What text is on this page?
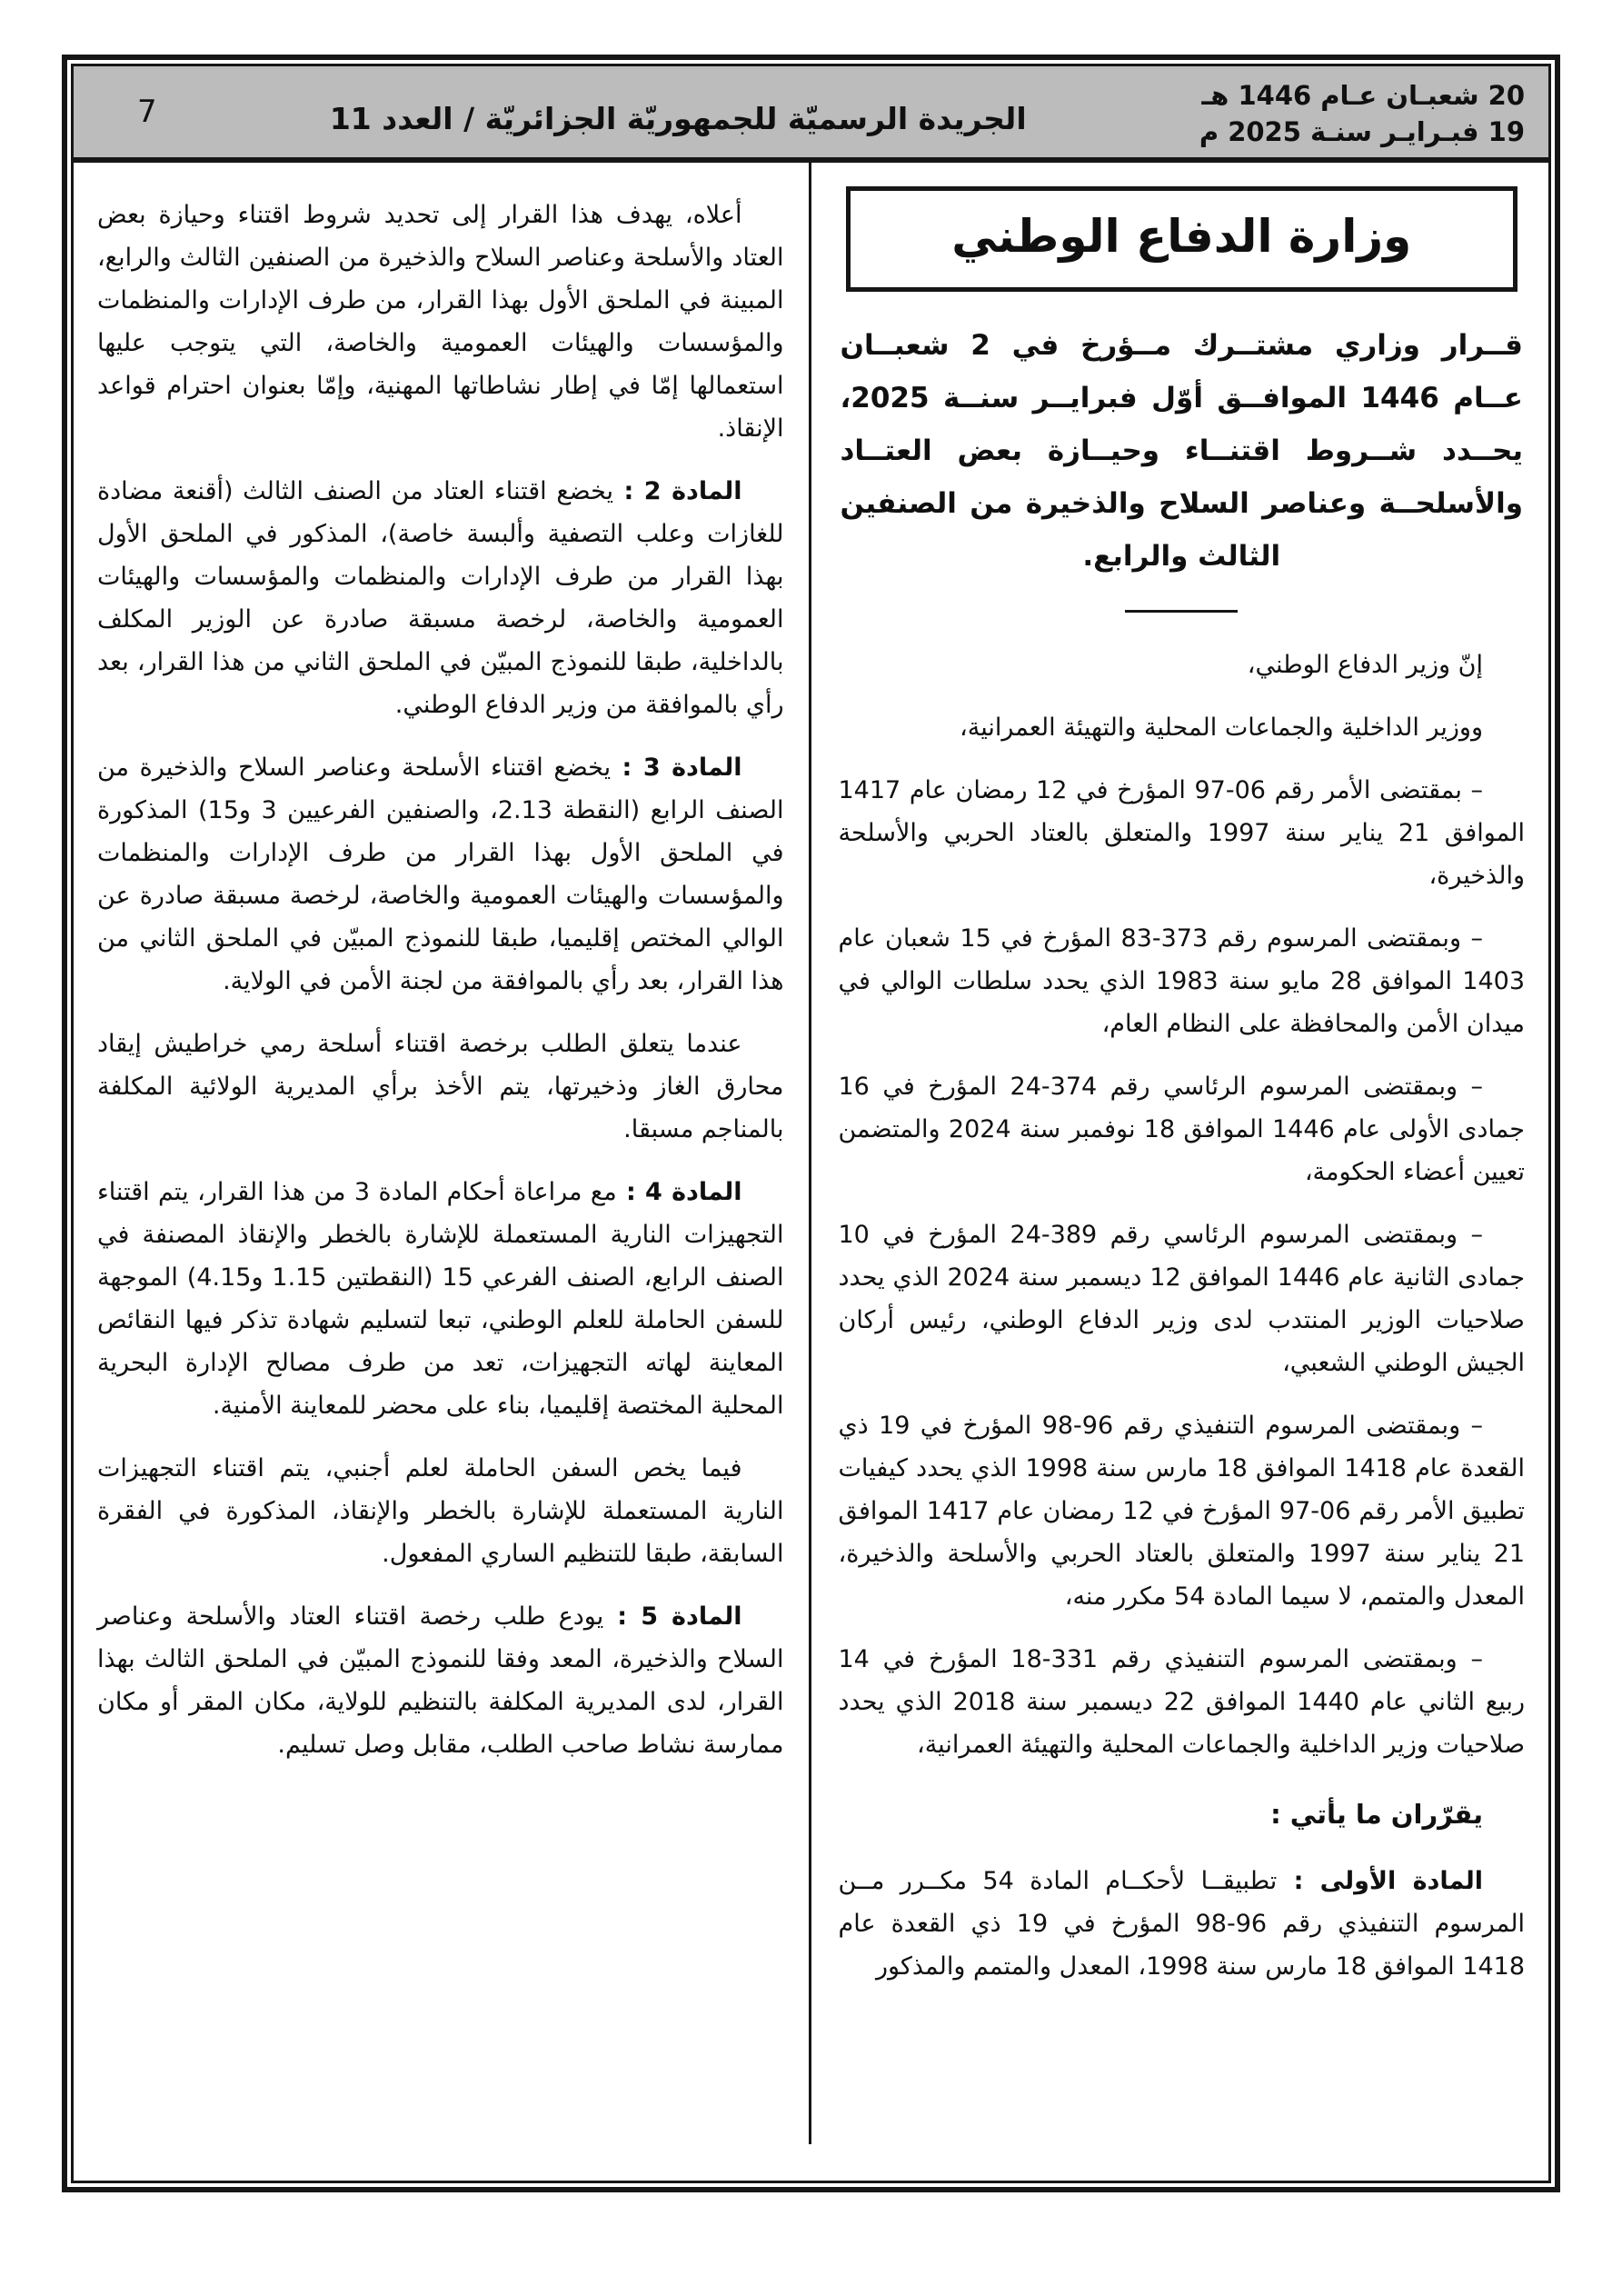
20 شعبـان عـام 1446 هـ
19 فبـرايـر سنـة 2025 م
الجريدة الرسميّة للجمهوريّة الجزائريّة / العدد 11
7
وزارة الدفاع الوطني
قــرار وزاري مشتــرك مــؤرخ في 2 شعبــان عــام 1446 الموافــق أوّل فبرايــر سنــة 2025، يحــدد شــروط اقتنــاء وحيــازة بعض العتــاد والأسلحــة وعناصر السلاح والذخيرة من الصنفين الثالث والرابع.

إنّ وزير الدفاع الوطني،

ووزير الداخلية والجماعات المحلية والتهيئة العمرانية،

– بمقتضى الأمر رقم 06-97 المؤرخ في 12 رمضان عام 1417 الموافق 21 يناير سنة 1997 والمتعلق بالعتاد الحربي والأسلحة والذخيرة،

– وبمقتضى المرسوم رقم 373-83 المؤرخ في 15 شعبان عام 1403 الموافق 28 مايو سنة 1983 الذي يحدد سلطات الوالي في ميدان الأمن والمحافظة على النظام العام،

– وبمقتضى المرسوم الرئاسي رقم 374-24 المؤرخ في 16 جمادى الأولى عام 1446 الموافق 18 نوفمبر سنة 2024 والمتضمن تعيين أعضاء الحكومة،

– وبمقتضى المرسوم الرئاسي رقم 389-24 المؤرخ في 10 جمادى الثانية عام 1446 الموافق 12 ديسمبر سنة 2024 الذي يحدد صلاحيات الوزير المنتدب لدى وزير الدفاع الوطني، رئيس أركان الجيش الوطني الشعبي،

– وبمقتضى المرسوم التنفيذي رقم 96-98 المؤرخ في 19 ذي القعدة عام 1418 الموافق 18 مارس سنة 1998 الذي يحدد كيفيات تطبيق الأمر رقم 06-97 المؤرخ في 12 رمضان عام 1417 الموافق 21 يناير سنة 1997 والمتعلق بالعتاد الحربي والأسلحة والذخيرة، المعدل والمتمم، لا سيما المادة 54 مكرر منه،

– وبمقتضى المرسوم التنفيذي رقم 331-18 المؤرخ في 14 ربيع الثاني عام 1440 الموافق 22 ديسمبر سنة 2018 الذي يحدد صلاحيات وزير الداخلية والجماعات المحلية والتهيئة العمرانية،

يقرّران ما يأتي :

المادة الأولى : تطبيقــا لأحكــام المادة 54 مكــرر مــن المرسوم التنفيذي رقم 96-98 المؤرخ في 19 ذي القعدة عام 1418 الموافق 18 مارس سنة 1998، المعدل والمتمم والمذكور

أعلاه، يهدف هذا القرار إلى تحديد شروط اقتناء وحيازة بعض العتاد والأسلحة وعناصر السلاح والذخيرة من الصنفين الثالث والرابع، المبينة في الملحق الأول بهذا القرار، من طرف الإدارات والمنظمات والمؤسسات والهيئات العمومية والخاصة، التي يتوجب عليها استعمالها إمّا في إطار نشاطاتها المهنية، وإمّا بعنوان احترام قواعد الإنقاذ.

المادة 2 : يخضع اقتناء العتاد من الصنف الثالث (أقنعة مضادة للغازات وعلب التصفية وألبسة خاصة)، المذكور في الملحق الأول بهذا القرار من طرف الإدارات والمنظمات والمؤسسات والهيئات العمومية والخاصة، لرخصة مسبقة صادرة عن الوزير المكلف بالداخلية، طبقا للنموذج المبيّن في الملحق الثاني من هذا القرار، بعد رأي بالموافقة من وزير الدفاع الوطني.

المادة 3 : يخضع اقتناء الأسلحة وعناصر السلاح والذخيرة من الصنف الرابع (النقطة 2.13، والصنفين الفرعيين 3 و15) المذكورة في الملحق الأول بهذا القرار من طرف الإدارات والمنظمات والمؤسسات والهيئات العمومية والخاصة، لرخصة مسبقة صادرة عن الوالي المختص إقليميا، طبقا للنموذج المبيّن في الملحق الثاني من هذا القرار، بعد رأي بالموافقة من لجنة الأمن في الولاية.

عندما يتعلق الطلب برخصة اقتناء أسلحة رمي خراطيش إيقاد محارق الغاز وذخيرتها، يتم الأخذ برأي المديرية الولائية المكلفة بالمناجم مسبقا.

المادة 4 : مع مراعاة أحكام المادة 3 من هذا القرار، يتم اقتناء التجهيزات النارية المستعملة للإشارة بالخطر والإنقاذ المصنفة في الصنف الرابع، الصنف الفرعي 15 (النقطتين 1.15 و4.15) الموجهة للسفن الحاملة للعلم الوطني، تبعا لتسليم شهادة تذكر فيها النقائص المعاينة لهاته التجهيزات، تعد من طرف مصالح الإدارة البحرية المحلية المختصة إقليميا، بناء على محضر للمعاينة الأمنية.

فيما يخص السفن الحاملة لعلم أجنبي، يتم اقتناء التجهيزات النارية المستعملة للإشارة بالخطر والإنقاذ، المذكورة في الفقرة السابقة، طبقا للتنظيم الساري المفعول.

المادة 5 : يودع طلب رخصة اقتناء العتاد والأسلحة وعناصر السلاح والذخيرة، المعد وفقا للنموذج المبيّن في الملحق الثالث بهذا القرار، لدى المديرية المكلفة بالتنظيم للولاية، مكان المقر أو مكان ممارسة نشاط صاحب الطلب، مقابل وصل تسليم.
